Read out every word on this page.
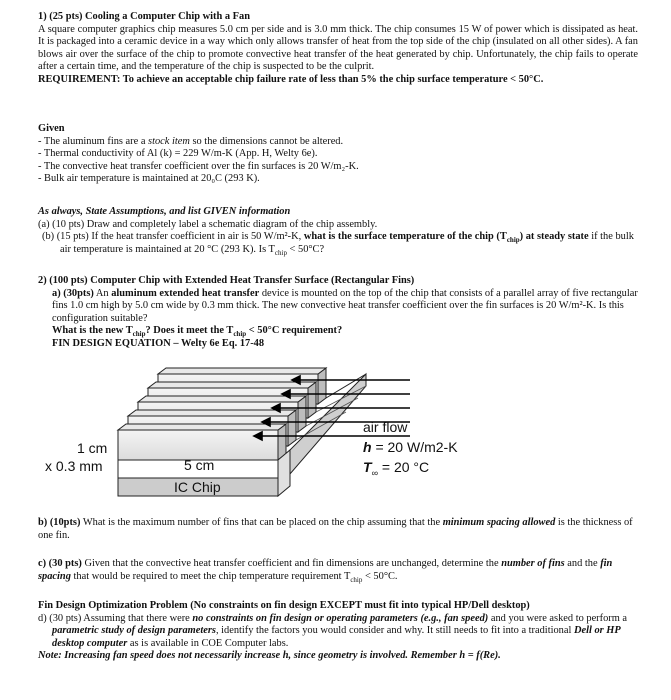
1) (25 pts) Cooling a Computer Chip with a Fan

A square computer graphics chip measures 5.0 cm per side and is 3.0 mm thick. The chip consumes 15 W of power which is dissipated as heat. It is packaged into a ceramic device in a way which only allows transfer of heat from the top side of the chip (insulated on all other sides). A fan blows air over the surface of the chip to promote convective heat transfer of the heat generated by chip. Unfortunately, the chip fails to operate after a certain time, and the temperature of the chip is suspected to be the culprit.

REQUIREMENT: To achieve an acceptable chip failure rate of less than 5% the chip surface temperature < 50°C.

Given

- The aluminum fins are a stock item so the dimensions cannot be altered.

- Thermal conductivity of Al (k) = 229 W/m-K (App. H, Welty 6e).

- The convective heat transfer coefficient over the fin surfaces is 20 W/m₂-K.

- Bulk air temperature is maintained at 20₀C (293 K).

As always, State Assumptions, and list GIVEN information

(a) (10 pts) Draw and completely label a schematic diagram of the chip assembly.

(b) (15 pts) If the heat transfer coefficient in air is 50 W/m²-K, what is the surface temperature of the chip $(T_{chip})$ at steady state if the bulk air temperature is maintained at 20 °C (293 K). Is $T_{chip} < 50^\circ C$?

2) (100 pts) Computer Chip with Extended Heat Transfer Surface (Rectangular Fins)

a) (30pts) An aluminum extended heat transfer device is mounted on the top of the chip that consists of a parallel array of five rectangular fins 1.0 cm high by 5.0 cm wide by 0.3 mm thick. The new convective heat transfer coefficient over the fin surfaces is 20 W/m²-K. Is this configuration suitable?

What is the new $T_{chip}$? Does it meet the $T_{chip} < 50^\circ C$ requirement?

FIN DESIGN EQUATION – Welty 6e Eq. 17-48

1 cm
x 0.3 mm	5 cm
IC Chip
air flow
h = 20 W/m2-K
$T_\infty = 20$ °C

b) (10pts) What is the maximum number of fins that can be placed on the chip assuming that the minimum spacing allowed is the thickness of one fin.

c) (30 pts) Given that the convective heat transfer coefficient and fin dimensions are unchanged, determine the number of fins and the fin spacing that would be required to meet the chip temperature requirement $T_{chip} < 50^\circ C$.

Fin Design Optimization Problem (No constraints on fin design EXCEPT must fit into typical HP/Dell desktop)

d) (30 pts) Assuming that there were no constraints on fin design or operating parameters (e.g., fan speed) and you were asked to perform a parametric study of design parameters, identify the factors you would consider and why. It still needs to fit into a traditional Dell or HP desktop computer as is available in COE Computer labs.

Note: Increasing fan speed does not necessarily increase h, since geometry is involved. Remember h = f(Re).
